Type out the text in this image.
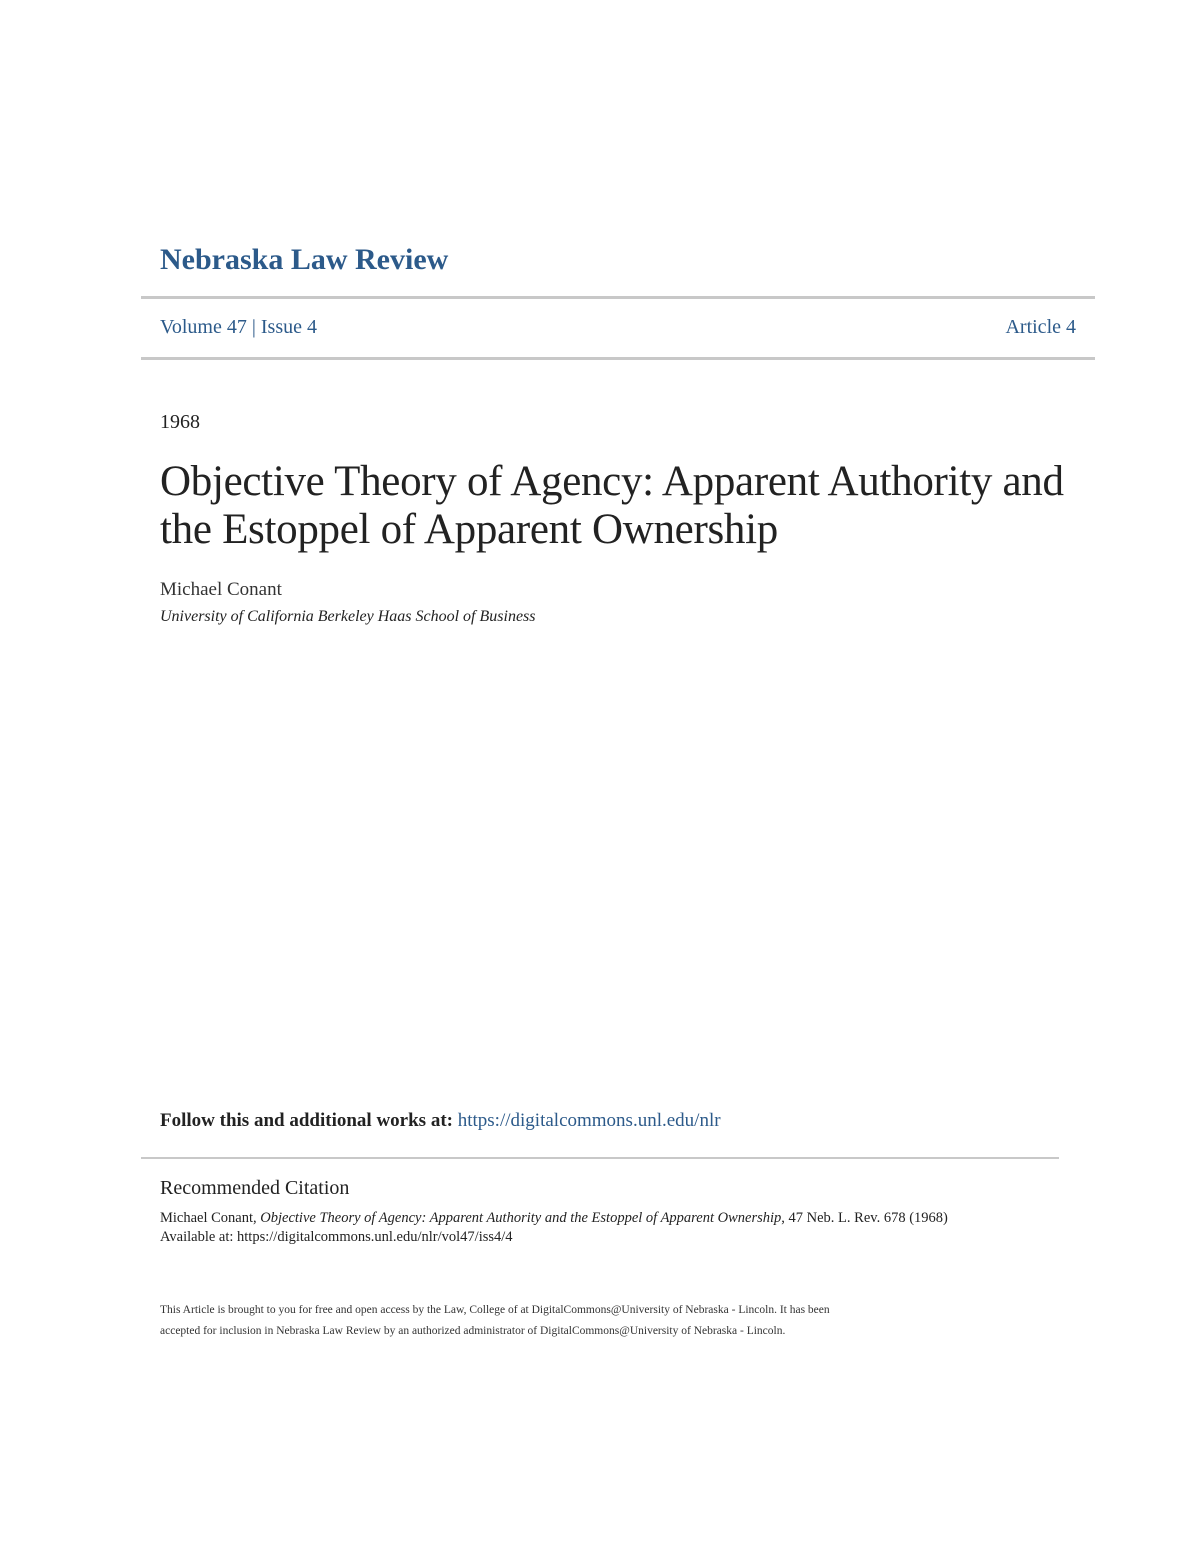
Nebraska Law Review
Volume 47 | Issue 4	Article 4
1968
Objective Theory of Agency: Apparent Authority and the Estoppel of Apparent Ownership
Michael Conant
University of California Berkeley Haas School of Business
Follow this and additional works at: https://digitalcommons.unl.edu/nlr
Recommended Citation
Michael Conant, Objective Theory of Agency: Apparent Authority and the Estoppel of Apparent Ownership, 47 Neb. L. Rev. 678 (1968)
Available at: https://digitalcommons.unl.edu/nlr/vol47/iss4/4
This Article is brought to you for free and open access by the Law, College of at DigitalCommons@University of Nebraska - Lincoln. It has been
accepted for inclusion in Nebraska Law Review by an authorized administrator of DigitalCommons@University of Nebraska - Lincoln.
